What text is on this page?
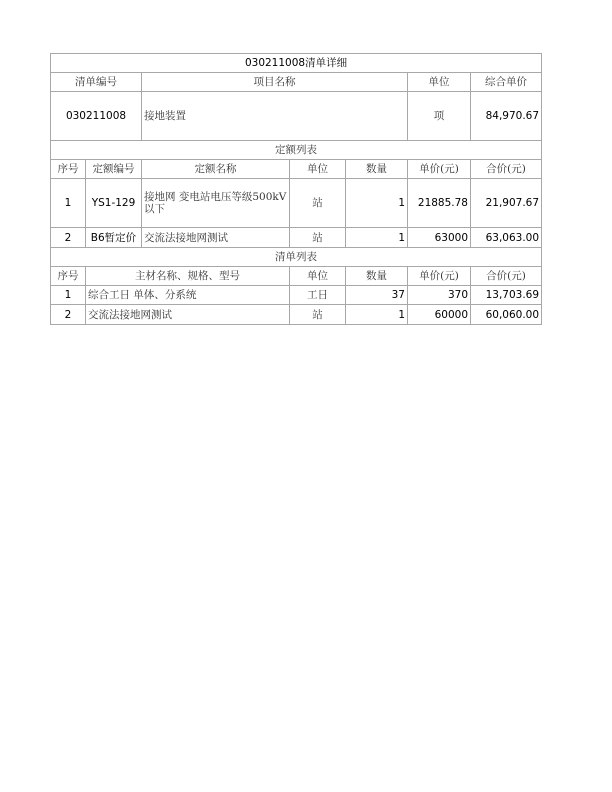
030211008清单详细						
清单编号		项目名称			单位	综合单价
030211008		接地装置			项	84,970.67
定额列表						
序号	定额编号	定额名称	单位	数量	单价(元)	合价(元)
1	YS1-129	接地网 变电站电压等级500kV以下	站	1	21885.78	21,907.67
2	B6暂定价	交流法接地网测试	站	1	63000	63,063.00
清单列表						
序号	主材名称、规格、型号		单位	数量	单价(元)	合价(元)
1	综合工日 单体、分系统		工日	37	370	13,703.69
2	交流法接地网测试		站	1	60000	60,060.00
